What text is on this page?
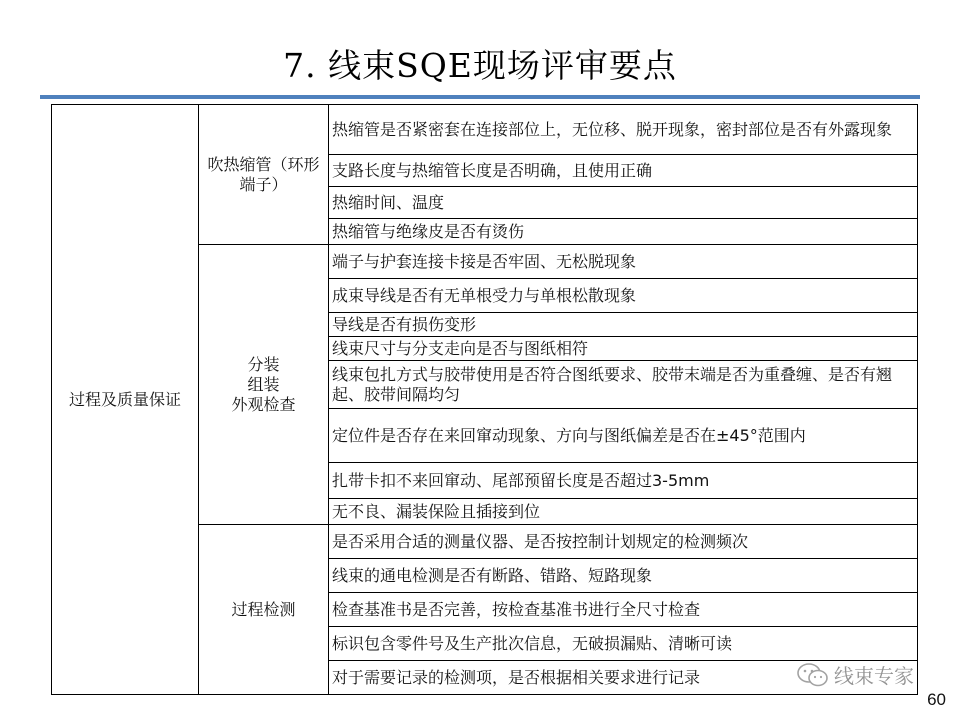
7. 线束SQE现场评审要点
过程及质量保证	吹热缩管（环形端子）	热缩管是否紧密套在连接部位上，无位移、脱开现象，密封部位是否有外露现象
		支路长度与热缩管长度是否明确，且使用正确
		热缩时间、温度
		热缩管与绝缘皮是否有烫伤
	分装
组装
外观检查	端子与护套连接卡接是否牢固、无松脱现象
		成束导线是否有无单根受力与单根松散现象
		导线是否有损伤变形
		线束尺寸与分支走向是否与图纸相符
		线束包扎方式与胶带使用是否符合图纸要求、胶带末端是否为重叠缠、是否有翘起、胶带间隔均匀
		定位件是否存在来回窜动现象、方向与图纸偏差是否在±45°范围内
		扎带卡扣不来回窜动、尾部预留长度是否超过3-5mm
		无不良、漏装保险且插接到位
	过程检测	是否采用合适的测量仪器、是否按控制计划规定的检测频次
		线束的通电检测是否有断路、错路、短路现象
		检查基准书是否完善，按检查基准书进行全尺寸检查
		标识包含零件号及生产批次信息，无破损漏贴、清晰可读
		对于需要记录的检测项，是否根据相关要求进行记录	线束专家
60
